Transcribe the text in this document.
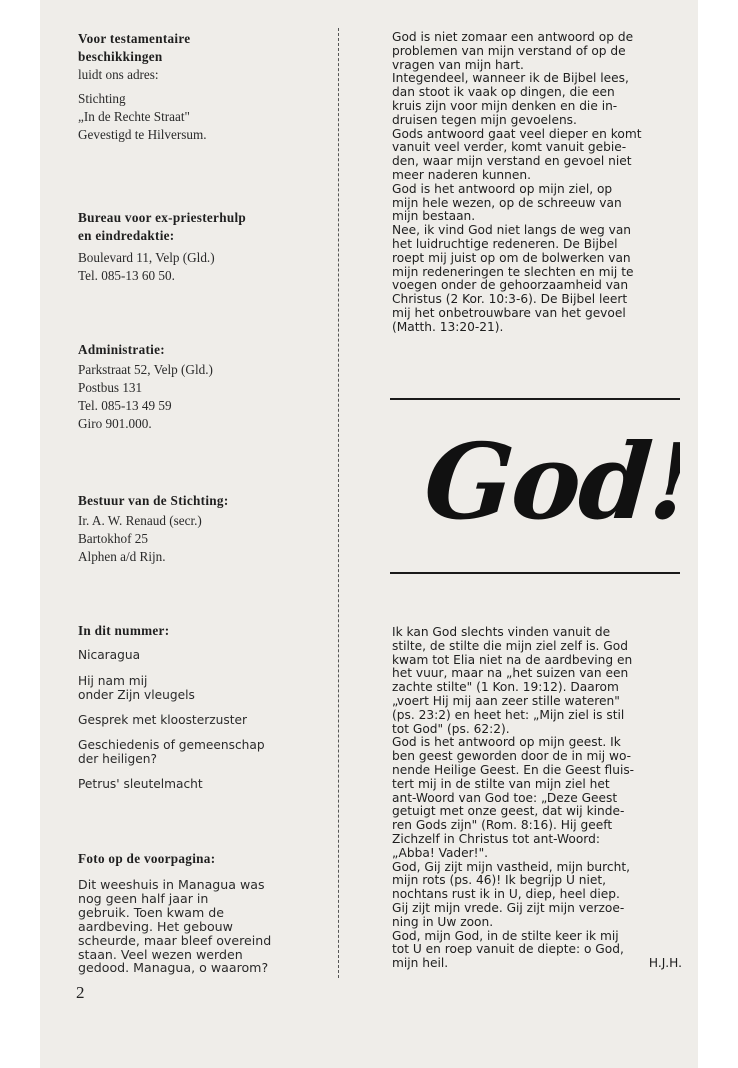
Voor testamentaire
beschikkingen
luidt ons adres:
Stichting
„In de Rechte Straat"
Gevestigd te Hilversum.
Bureau voor ex-priesterhulp
en eindredaktie:
Boulevard 11, Velp (Gld.)
Tel. 085-13 60 50.
Administratie:
Parkstraat 52, Velp (Gld.)
Postbus 131
Tel. 085-13 49 59
Giro 901.000.
Bestuur van de Stichting:
Ir. A. W. Renaud (secr.)
Bartokhof 25
Alphen a/d Rijn.
In dit nummer:
Nicaragua
Hij nam mij
onder Zijn vleugels
Gesprek met kloosterzuster
Geschiedenis of gemeenschap
der heiligen?
Petrus' sleutelmacht
Foto op de voorpagina:
Dit weeshuis in Managua was
nog geen half jaar in
gebruik. Toen kwam de
aardbeving. Het gebouw
scheurde, maar bleef overeind
staan. Veel wezen werden
gedood. Managua, o waarom?
2
God is niet zomaar een antwoord op de
problemen van mijn verstand of op de
vragen van mijn hart.
Integendeel, wanneer ik de Bijbel lees,
dan stoot ik vaak op dingen, die een
kruis zijn voor mijn denken en die in-
druisen tegen mijn gevoelens.
Gods antwoord gaat veel dieper en komt
vanuit veel verder, komt vanuit gebie-
den, waar mijn verstand en gevoel niet
meer naderen kunnen.
God is het antwoord op mijn ziel, op
mijn hele wezen, op de schreeuw van
mijn bestaan.
Nee, ik vind God niet langs de weg van
het luidruchtige redeneren. De Bijbel
roept mij juist op om de bolwerken van
mijn redeneringen te slechten en mij te
voegen onder de gehoorzaamheid van
Christus (2 Kor. 10:3-6). De Bijbel leert
mij het onbetrouwbare van het gevoel
(Matth. 13:20-21).
God!
Ik kan God slechts vinden vanuit de
stilte, de stilte die mijn ziel zelf is. God
kwam tot Elia niet na de aardbeving en
het vuur, maar na „het suizen van een
zachte stilte" (1 Kon. 19:12). Daarom
„voert Hij mij aan zeer stille wateren"
(ps. 23:2) en heet het: „Mijn ziel is stil
tot God" (ps. 62:2).
God is het antwoord op mijn geest. Ik
ben geest geworden door de in mij wo-
nende Heilige Geest. En die Geest fluis-
tert mij in de stilte van mijn ziel het
ant-Woord van God toe: „Deze Geest
getuigt met onze geest, dat wij kinde-
ren Gods zijn" (Rom. 8:16). Hij geeft
Zichzelf in Christus tot ant-Woord:
„Abba! Vader!".
God, Gij zijt mijn vastheid, mijn burcht,
mijn rots (ps. 46)! Ik begrijp U niet,
nochtans rust ik in U, diep, heel diep.
Gij zijt mijn vrede. Gij zijt mijn verzoe-
ning in Uw zoon.
God, mijn God, in de stilte keer ik mij
tot U en roep vanuit de diepte: o God,
mijn heil.	H.J.H.
